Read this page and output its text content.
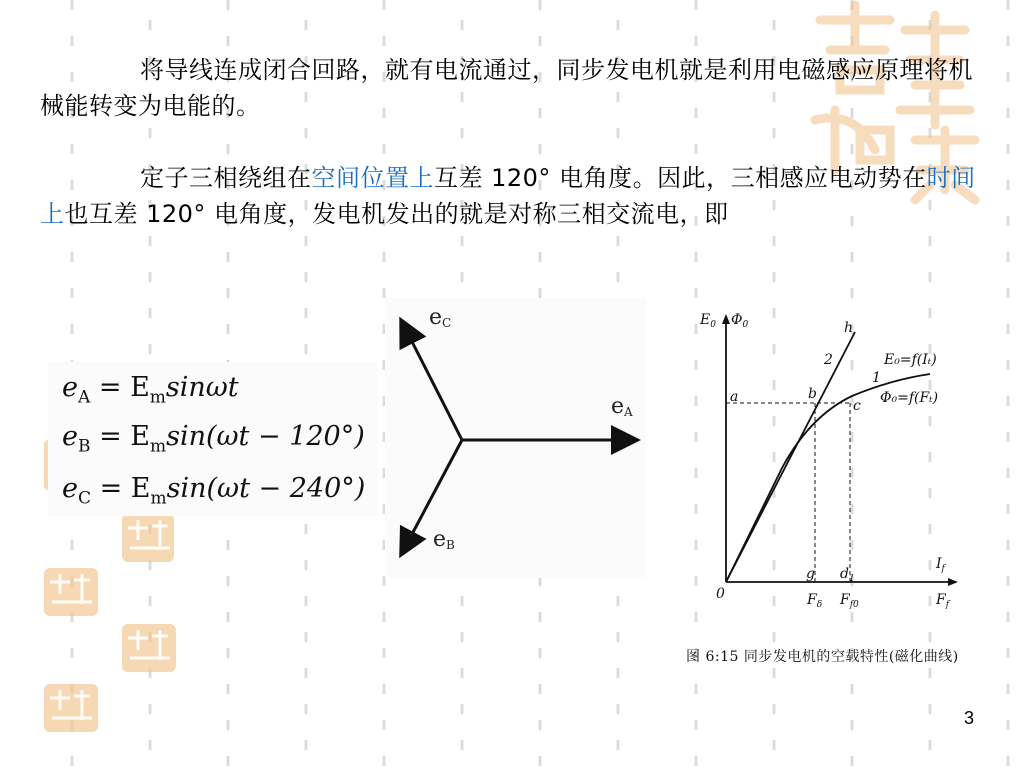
将导线连成闭合回路，就有电流通过，同步发电机就是利用电磁感应原理将机械能转变为电能的。

定子三相绕组在空间位置上互差 120° 电角度。因此，三相感应电动势在时间上也互差 120° 电角度，发电机发出的就是对称三相交流电，即

$e_A = E_m\sin\omega t$
$e_B = E_m\sin(\omega t - 120^\circ)$
$e_C = E_m\sin(\omega t - 240^\circ)$
eA
eC
eB
$E_0$ $\Phi_0$
$I_f$
$F_f$
0
a	b
c
$d_1$
g
h
2
1
E₀=f(Iₜ)
Φ₀=f(Fₜ)
$F_\delta$ $F_{f0}$
图 6:15 同步发电机的空载特性(磁化曲线)
3
